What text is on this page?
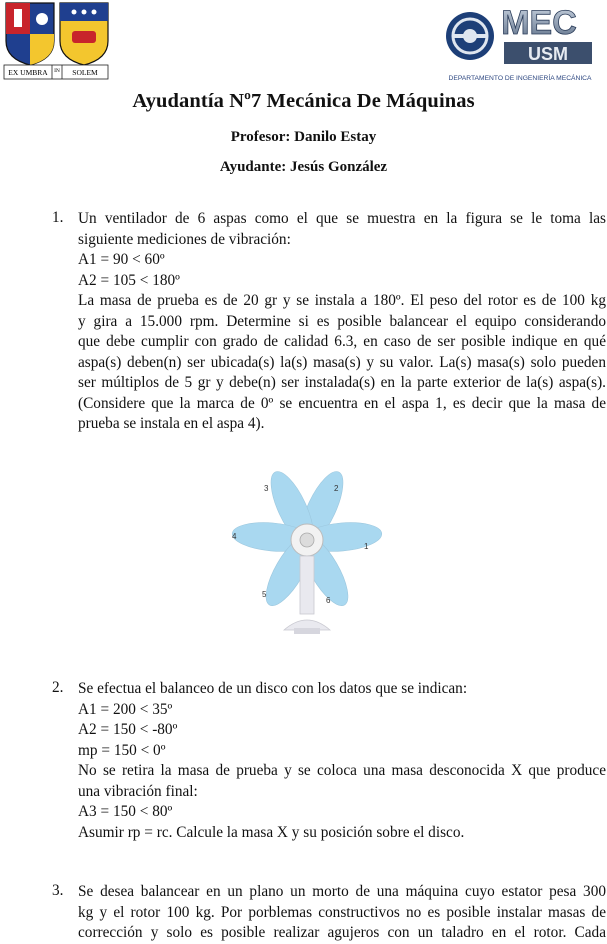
EX UMBRA IN SOLEM
MEC
USM
DEPARTAMENTO DE INGENIERÍA MECÁNICA
Ayudantía Nº7 Mecánica De Máquinas
Profesor: Danilo Estay
Ayudante: Jesús González
1. Un ventilador de 6 aspas como el que se muestra en la figura se le toma las
siguiente mediciones de vibración:
A1 = 90 < 60º
A2 = 105 < 180º
La masa de prueba es de 20 gr y se instala a 180º. El peso del rotor es de 100 kg
y gira a 15.000 rpm. Determine si es posible balancear el equipo considerando
que debe cumplir con grado de calidad 6.3, en caso de ser posible indique en qué
aspa(s) deben(n) ser ubicada(s) la(s) masa(s) y su valor. La(s) masa(s) solo pueden
ser múltiplos de 5 gr y debe(n) ser instalada(s) en la parte exterior de la(s) aspa(s).
(Considere que la marca de 0º se encuentra en el aspa 1, es decir que la masa de
prueba se instala en el aspa 4).
1
2
3
4
5
6
2. Se efectua el balanceo de un disco con los datos que se indican:
A1 = 200 < 35º
A2 = 150 < -80º
mp = 150 < 0º
No se retira la masa de prueba y se coloca una masa desconocida X que produce
una vibración final:
A3 = 150 < 80º
Asumir rp = rc. Calcule la masa X y su posición sobre el disco.
3. Se desea balancear en un plano un morto de una máquina cuyo estator pesa 300
kg y el rotor 100 kg. Por porblemas constructivos no es posible instalar masas de
corrección y solo es posible realizar agujeros con un taladro en el rotor. Cada
